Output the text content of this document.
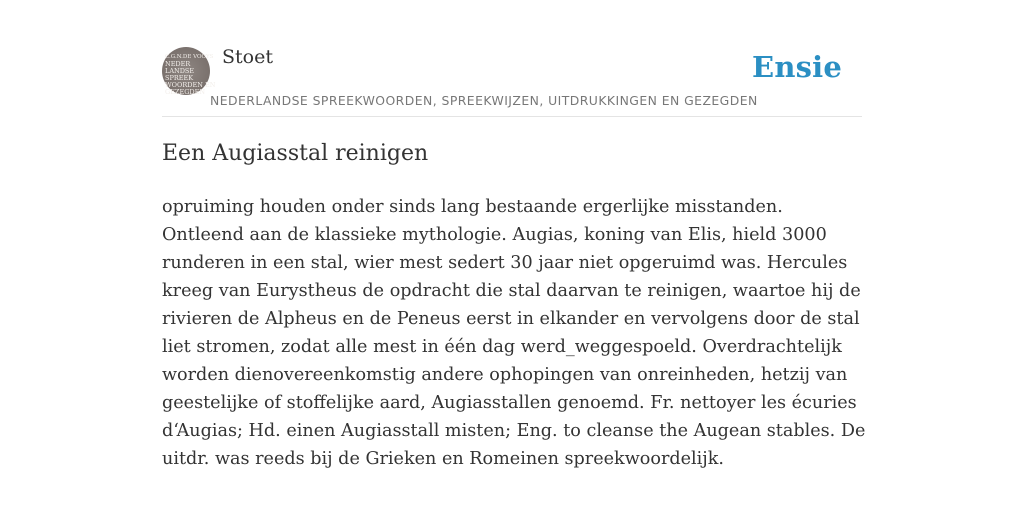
C.G.N.DE VOOYS
NEDER
LANDSE
SPREEK
WOORDEN EN
GEZEGDEN
Stoet
NEDERLANDSE SPREEKWOORDEN, SPREEKWIJZEN, UITDRUKKINGEN EN GEZEGDEN
Ensie
Een Augiasstal reinigen

opruiming houden onder sinds lang bestaande ergerlijke misstanden. Ontleend aan de klassieke mythologie. Augias, koning van Elis, hield 3000 runderen in een stal, wier mest sedert 30 jaar niet opgeruimd was. Hercules kreeg van Eurystheus de opdracht die stal daarvan te reinigen, waartoe hij de rivieren de Alpheus en de Peneus eerst in elkander en vervolgens door de stal liet stromen, zodat alle mest in één dag werd_weggespoeld. Overdrachtelijk worden dienovereenkomstig andere ophopingen van onreinheden, hetzij van geestelijke of stoffelijke aard, Augiasstallen genoemd. Fr. nettoyer les écuries d‘Augias; Hd. einen Augiasstall misten; Eng. to cleanse the Augean stables. De uitdr. was reeds bij de Grieken en Romeinen spreekwoordelijk.
